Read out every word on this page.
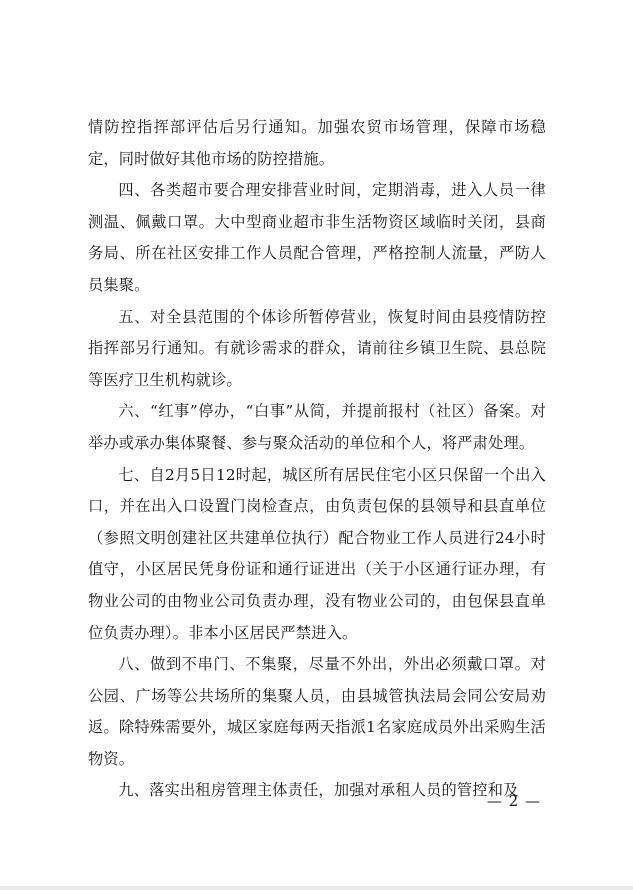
情防控指挥部评估后另行通知。加强农贸市场管理，保障市场稳定，同时做好其他市场的防控措施。

四、各类超市要合理安排营业时间，定期消毒，进入人员一律测温、佩戴口罩。大中型商业超市非生活物资区域临时关闭，县商务局、所在社区安排工作人员配合管理，严格控制人流量，严防人员集聚。

五、对全县范围的个体诊所暂停营业，恢复时间由县疫情防控指挥部另行通知。有就诊需求的群众，请前往乡镇卫生院、县总院等医疗卫生机构就诊。

六、“红事”停办，“白事”从简，并提前报村（社区）备案。对举办或承办集体聚餐、参与聚众活动的单位和个人，将严肃处理。

七、自2月5日12时起，城区所有居民住宅小区只保留一个出入口，并在出入口设置门岗检查点，由负责包保的县领导和县直单位（参照文明创建社区共建单位执行）配合物业工作人员进行24小时值守，小区居民凭身份证和通行证进出（关于小区通行证办理，有物业公司的由物业公司负责办理，没有物业公司的，由包保县直单位负责办理）。非本小区居民严禁进入。

八、做到不串门、不集聚，尽量不外出，外出必须戴口罩。对公园、广场等公共场所的集聚人员，由县城管执法局会同公安局劝返。除特殊需要外，城区家庭每两天指派1名家庭成员外出采购生活物资。

九、落实出租房管理主体责任，加强对承租人员的管控和及

— 2 —
